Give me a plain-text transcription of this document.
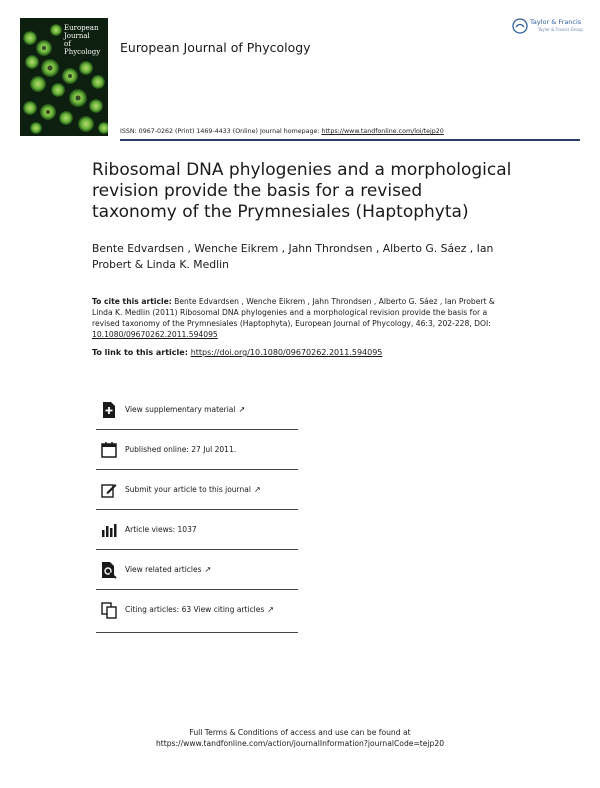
European
Journal
of Phycology	European Journal of Phycology
Taylor & Francis
Taylor & Francis Group
ISSN: 0967-0262 (Print) 1469-4433 (Online) Journal homepage: https://www.tandfonline.com/loi/tejp20
Ribosomal DNA phylogenies and a morphological revision provide the basis for a revised taxonomy of the Prymnesiales (Haptophyta)
Bente Edvardsen , Wenche Eikrem , Jahn Throndsen , Alberto G. Sáez , Ian Probert & Linda K. Medlin
To cite this article: Bente Edvardsen , Wenche Eikrem , Jahn Throndsen , Alberto G. Sáez , Ian Probert & Linda K. Medlin (2011) Ribosomal DNA phylogenies and a morphological revision provide the basis for a revised taxonomy of the Prymnesiales (Haptophyta), European Journal of Phycology, 46:3, 202-228, DOI: 10.1080/09670262.2011.594095
To link to this article: https://doi.org/10.1080/09670262.2011.594095
View supplementary material ↗
Published online: 27 Jul 2011.
Submit your article to this journal ↗
Article views: 1037
View related articles ↗
Citing articles: 63 View citing articles ↗
Full Terms & Conditions of access and use can be found at
https://www.tandfonline.com/action/journalInformation?journalCode=tejp20
